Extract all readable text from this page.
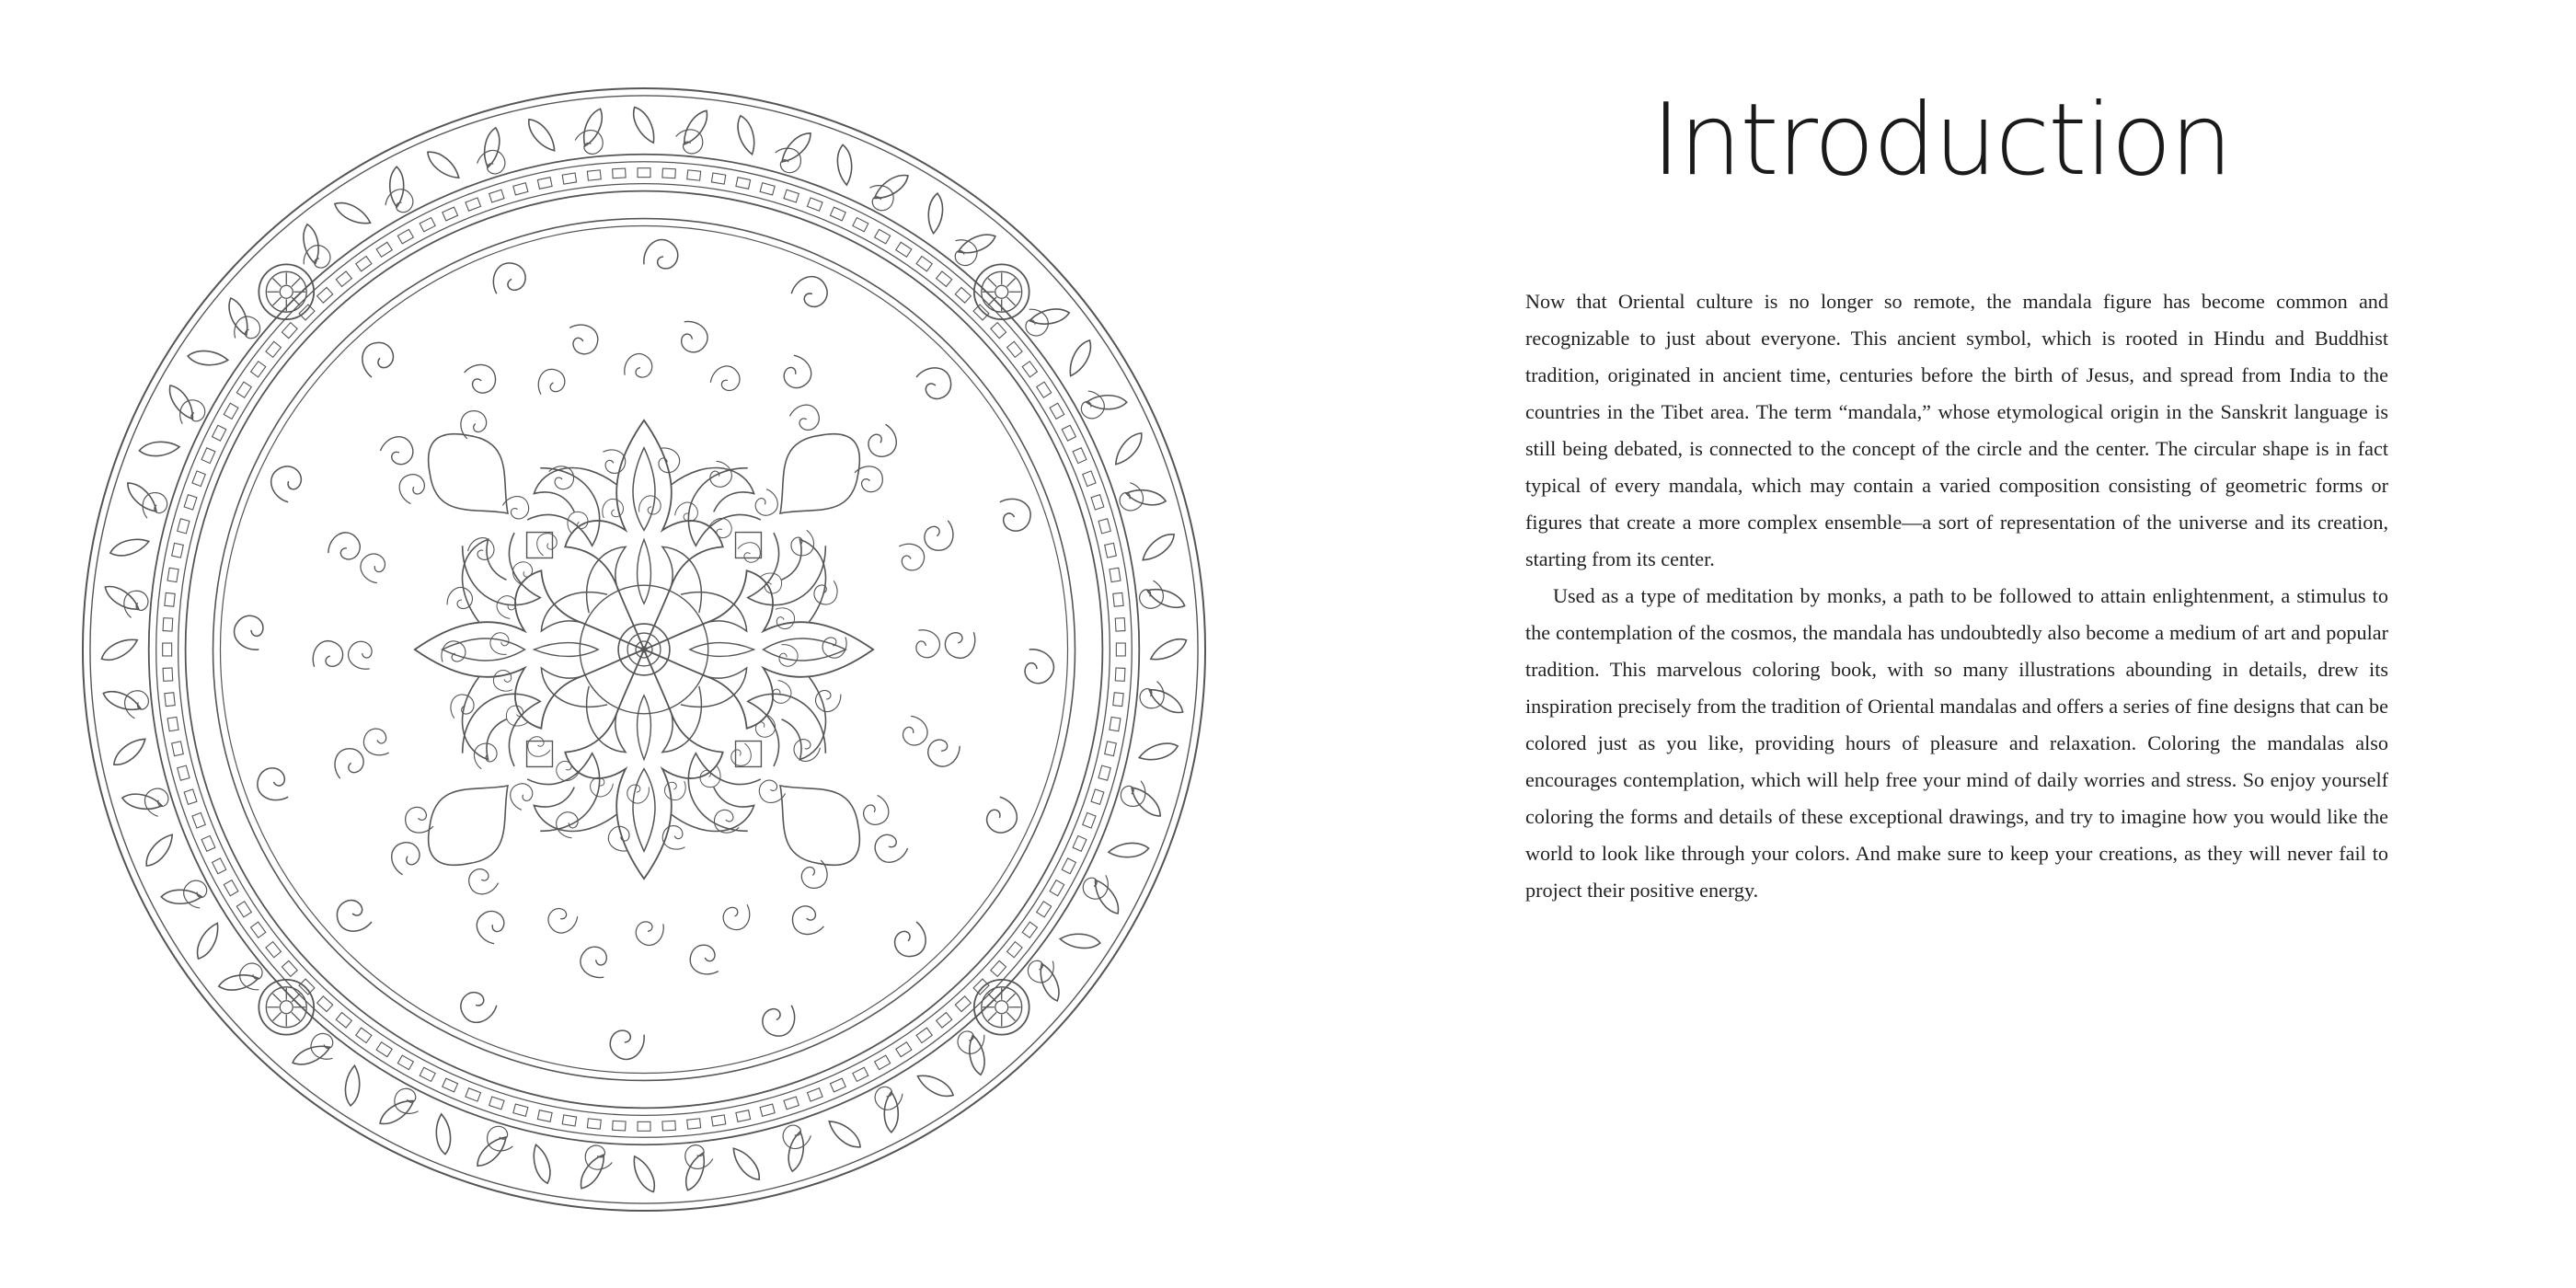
Introduction

Now that Oriental culture is no longer so remote, the mandala figure has become common and recognizable to just about everyone. This ancient symbol, which is rooted in Hindu and Buddhist tradition, originated in ancient time, centuries before the birth of Jesus, and spread from India to the countries in the Tibet area. The term “mandala,” whose etymological origin in the Sanskrit language is still being debated, is connected to the concept of the circle and the center. The circular shape is in fact typical of every mandala, which may contain a varied composition consisting of geometric forms or figures that create a more complex ensemble—a sort of representation of the universe and its creation, starting from its center.

Used as a type of meditation by monks, a path to be followed to attain enlightenment, a stimulus to the contemplation of the cosmos, the mandala has undoubtedly also become a medium of art and popular tradition. This marvelous coloring book, with so many illustrations abounding in details, drew its inspiration precisely from the tradition of Oriental mandalas and offers a series of fine designs that can be colored just as you like, providing hours of pleasure and relaxation. Coloring the mandalas also encourages contemplation, which will help free your mind of daily worries and stress. So enjoy yourself coloring the forms and details of these exceptional drawings, and try to imagine how you would like the world to look like through your colors. And make sure to keep your creations, as they will never fail to project their positive energy.
